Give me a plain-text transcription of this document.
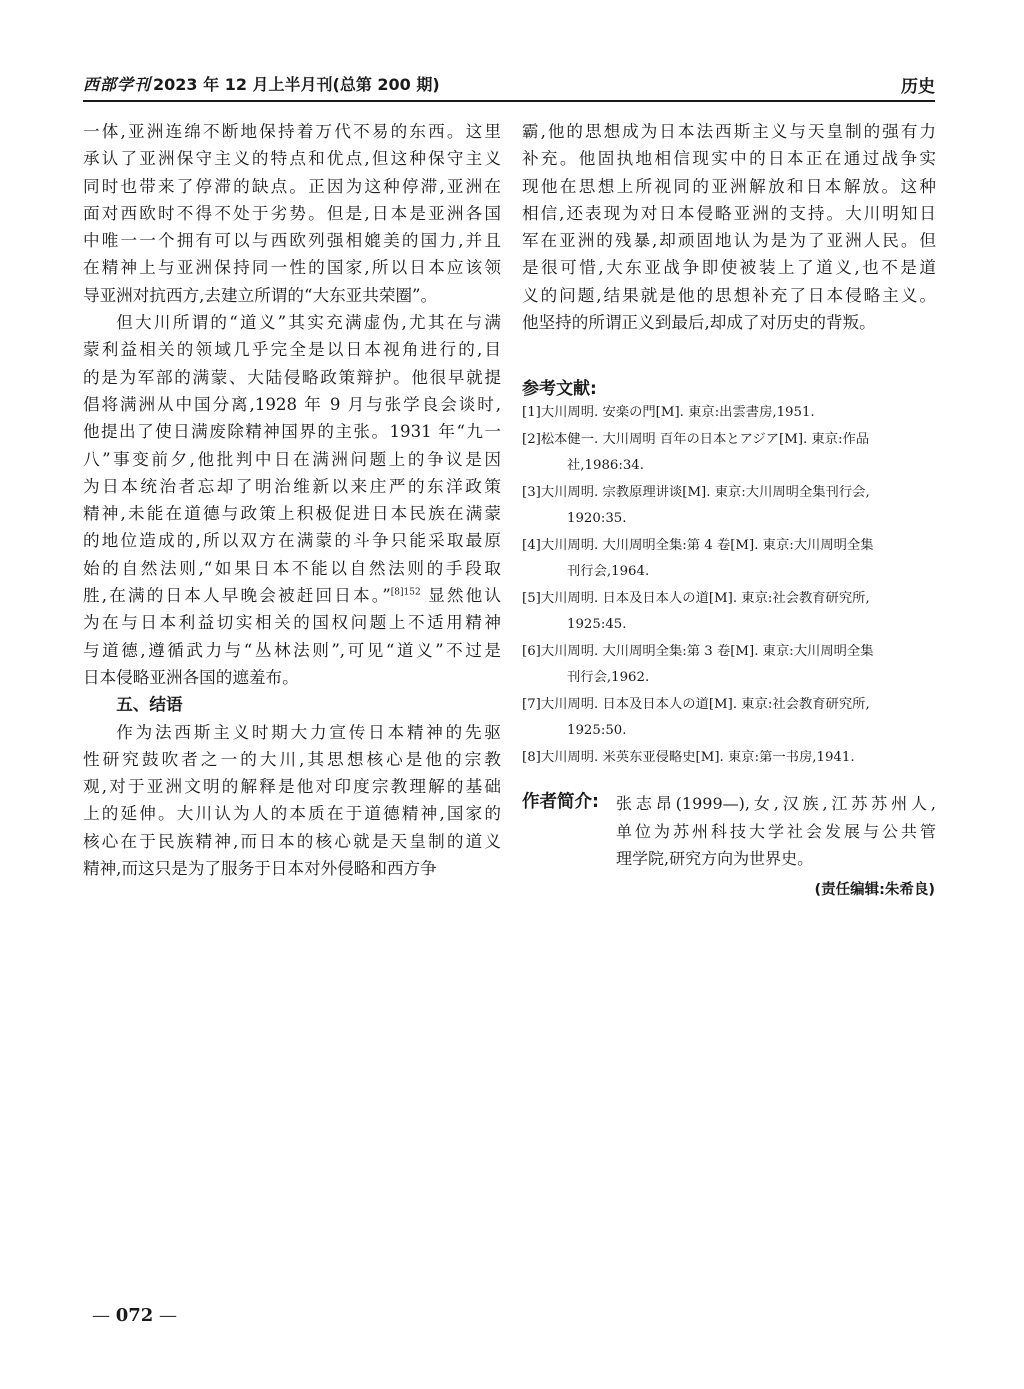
西部学刊 2023 年 12 月上半月刊(总第 200 期)	历史

一体,亚洲连绵不断地保持着万代不易的东西。这里
承认了亚洲保守主义的特点和优点,但这种保守主义
同时也带来了停滞的缺点。正因为这种停滞,亚洲在
面对西欧时不得不处于劣势。但是,日本是亚洲各国
中唯一一个拥有可以与西欧列强相媲美的国力,并且
在精神上与亚洲保持同一性的国家,所以日本应该领
导亚洲对抗西方,去建立所谓的“大东亚共荣圈”。

但大川所谓的“道义”其实充满虚伪,尤其在与满
蒙利益相关的领域几乎完全是以日本视角进行的,目
的是为军部的满蒙、大陆侵略政策辩护。他很早就提
倡将满洲从中国分离,1928 年 9 月与张学良会谈时,
他提出了使日满废除精神国界的主张。1931 年“九一
八”事变前夕,他批判中日在满洲问题上的争议是因
为日本统治者忘却了明治维新以来庄严的东洋政策
精神,未能在道德与政策上积极促进日本民族在满蒙
的地位造成的,所以双方在满蒙的斗争只能采取最原
始的自然法则,“如果日本不能以自然法则的手段取
胜,在满的日本人早晚会被赶回日本。”$^{[8]152}$ 显然他认
为在与日本利益切实相关的国权问题上不适用精神
与道德,遵循武力与“丛林法则”,可见“道义”不过是
日本侵略亚洲各国的遮羞布。

五、结语

作为法西斯主义时期大力宣传日本精神的先驱
性研究鼓吹者之一的大川,其思想核心是他的宗教
观,对于亚洲文明的解释是他对印度宗教理解的基础
上的延伸。大川认为人的本质在于道德精神,国家的
核心在于民族精神,而日本的核心就是天皇制的道义
精神,而这只是为了服务于日本对外侵略和西方争

霸,他的思想成为日本法西斯主义与天皇制的强有力
补充。他固执地相信现实中的日本正在通过战争实
现他在思想上所视同的亚洲解放和日本解放。这种
相信,还表现为对日本侵略亚洲的支持。大川明知日
军在亚洲的残暴,却顽固地认为是为了亚洲人民。但
是很可惜,大东亚战争即使被装上了道义,也不是道
义的问题,结果就是他的思想补充了日本侵略主义。
他坚持的所谓正义到最后,却成了对历史的背叛。

参考文献:

[1]大川周明. 安楽の門[M]. 東京:出雲書房,1951.

[2]松本健一. 大川周明 百年の日本とアジア[M]. 東京:作品
社,1986:34.

[3]大川周明. 宗教原理讲谈[M]. 東京:大川周明全集刊行会,
1920:35.

[4]大川周明. 大川周明全集:第 4 卷[M]. 東京:大川周明全集
刊行会,1964.

[5]大川周明. 日本及日本人の道[M]. 東京:社会教育研究所,
1925:45.

[6]大川周明. 大川周明全集:第 3 卷[M]. 東京:大川周明全集
刊行会,1962.

[7]大川周明. 日本及日本人の道[M]. 東京:社会教育研究所,
1925:50.

[8]大川周明. 米英东亚侵略史[M]. 東京:第一书房,1941.

作者简介: 张志昂(1999—),女,汉族,江苏苏州人,
单位为苏州科技大学社会发展与公共管
理学院,研究方向为世界史。
(责任编辑:朱希良)
— 072 —
